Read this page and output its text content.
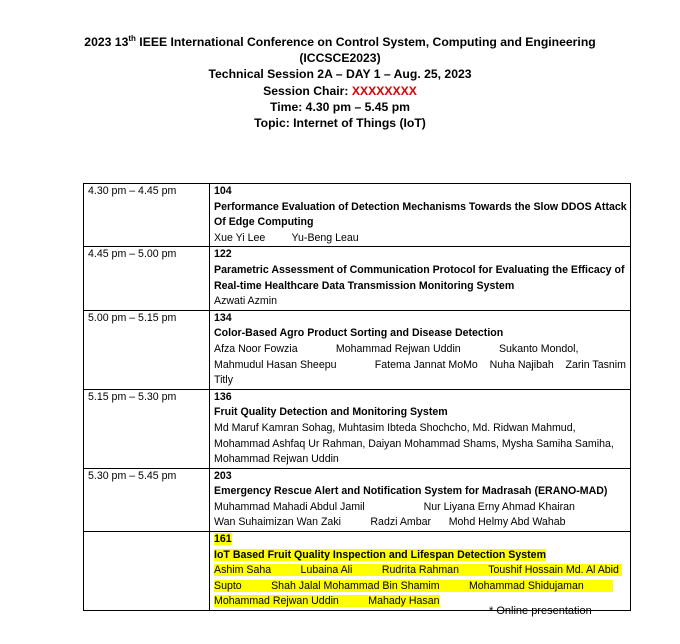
2023 13th IEEE International Conference on Control System, Computing and Engineering
(ICCSCE2023)
Technical Session 2A – DAY 1 – Aug. 25, 2023
Session Chair: XXXXXXXX
Time: 4.30 pm – 5.45 pm
Topic: Internet of Things (IoT)
4.30 pm – 4.45 pm	104
Performance Evaluation of Detection Mechanisms Towards the Slow DDOS Attack Of Edge Computing
Xue Yi Lee         Yu-Beng Leau

4.45 pm – 5.00 pm	122
Parametric Assessment of Communication Protocol for Evaluating the Efficacy of Real-time Healthcare Data Transmission Monitoring System
Azwati Azmin

5.00 pm – 5.15 pm	134
Color-Based Agro Product Sorting and Disease Detection
Afza Noor Fowzia             Mohammad Rejwan Uddin             Sukanto Mondol, Mahmudul Hasan Sheepu             Fatema Jannat MoMo    Nuha Najibah    Zarin Tasnim Titly

5.15 pm – 5.30 pm	136
Fruit Quality Detection and Monitoring System
Md Maruf Kamran Sohag, Muhtasim Ibteda Shochcho, Md. Ridwan Mahmud, Mohammad Ashfaq Ur Rahman, Daiyan Mohammad Shams, Mysha Samiha Samiha, Mohammad Rejwan Uddin

5.30 pm – 5.45 pm	203
Emergency Rescue Alert and Notification System for Madrasah (ERANO-MAD)
Muhammad Mahadi Abdul Jamil                    Nur Liyana Erny Ahmad Khairan
Wan Suhaimizan Wan Zaki          Radzi Ambar      Mohd Helmy Abd Wahab

	161
IoT Based Fruit Quality Inspection and Lifespan Detection System
Ashim Saha          Lubaina Ali          Rudrita Rahman          Toushif Hossain Md. Al Abid Supto          Shah Jalal Mohammad Bin Shamim          Mohammad Shidujaman          Mohammad Rejwan Uddin          Mahady Hasan
* Online presentation
